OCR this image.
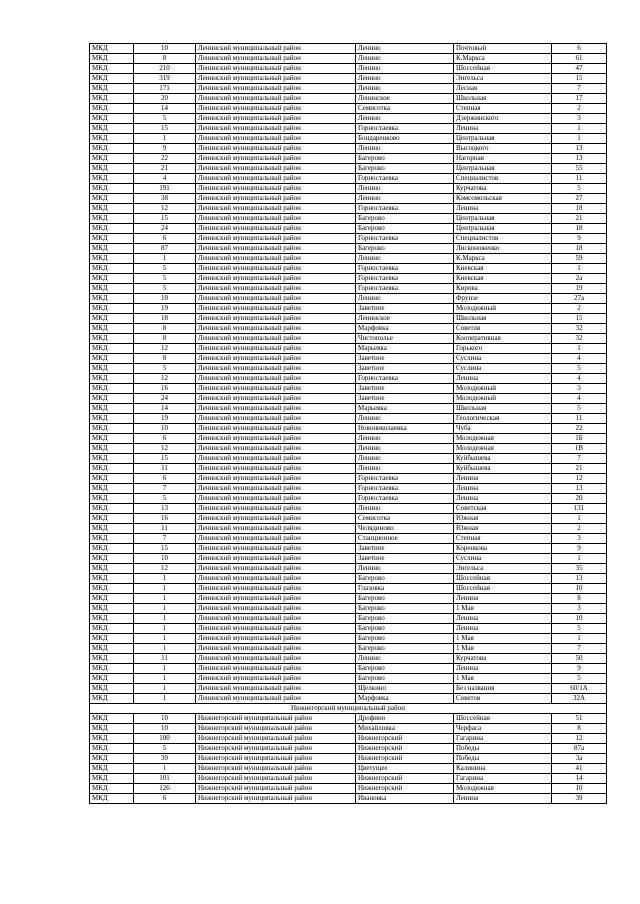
МКД	10	Ленинский муниципальный район	Ленино	Почтовый	6
МКД	8	Ленинский муниципальный район	Ленино	К.Маркса	61
МКД	210	Ленинский муниципальный район	Ленино	Шоссейная	47
МКД	319	Ленинский муниципальный район	Ленино	Энгельса	15
МКД	171	Ленинский муниципальный район	Ленино	Лесная	7
МКД	20	Ленинский муниципальный район	Ленинское	Школьная	17
МКД	14	Ленинский муниципальный район	Семисотка	Степная	2
МКД	5	Ленинский муниципальный район	Ленино	Дзержинского	3
МКД	15	Ленинский муниципальный район	Горностаевка	Ленина	1
МКД	1	Ленинский муниципальный район	Бондаренково	Центральная	1
МКД	9	Ленинский муниципальный район	Ленино	Высоцкого	13
МКД	22	Ленинский муниципальный район	Багерово	Нагорная	13
МКД	21	Ленинский муниципальный район	Багерово	Центральная	55
МКД	4	Ленинский муниципальный район	Горностаевка	Специалистов	11
МКД	191	Ленинский муниципальный район	Ленино	Курчатова	5
МКД	38	Ленинский муниципальный район	Ленино	Комсомольская	27
МКД	12	Ленинский муниципальный район	Горностаевка	Ленина	18
МКД	15	Ленинский муниципальный район	Багерово	Центральная	21
МКД	24	Ленинский муниципальный район	Багерово	Центральная	18
МКД	6	Ленинский муниципальный район	Горностаевка	Специалистов	9
МКД	87	Ленинский муниципальный район	Багерово	Лисконоженко	18
МКД	1	Ленинский муниципальный район	Ленино	К.Маркса	59
МКД	5	Ленинский муниципальный район	Горностаевка	Киевская	1
МКД	5	Ленинский муниципальный район	Горностаевка	Киевская	2а
МКД	5	Ленинский муниципальный район	Горностаевка	Кирова	19
МКД	10	Ленинский муниципальный район	Ленино	Фрунзе	27а
МКД	19	Ленинский муниципальный район	Заветное	Молодежный	2
МКД	18	Ленинский муниципальный район	Ленинское	Школьная	15
МКД	8	Ленинский муниципальный район	Марфовка	Советов	32
МКД	8	Ленинский муниципальный район	Чистополье	Кооперативная	32
МКД	12	Ленинский муниципальный район	Марьевка	Горького	1
МКД	8	Ленинский муниципальный район	Заветное	Суслина	4
МКД	5	Ленинский муниципальный район	Заветное	Суслина	5
МКД	12	Ленинский муниципальный район	Горностаевка	Ленина	4
МКД	16	Ленинский муниципальный район	Заветное	Молодежный	3
МКД	24	Ленинский муниципальный район	Заветное	Молодежный	4
МКД	14	Ленинский муниципальный район	Марьевка	Школьная	5
МКД	19	Ленинский муниципальный район	Ленино	Геологическая	11
МКД	10	Ленинский муниципальный район	Новониколаевка	Чуба	22
МКД	6	Ленинский муниципальный район	Ленино	Молодежная	1Б
МКД	12	Ленинский муниципальный район	Ленино	Молодежная	1В
МКД	15	Ленинский муниципальный район	Ленино	Куйбышева	7
МКД	11	Ленинский муниципальный район	Ленино	Куйбышева	21
МКД	6	Ленинский муниципальный район	Горностаевка	Ленина	12
МКД	7	Ленинский муниципальный район	Горностаевка	Ленина	13
МКД	5	Ленинский муниципальный район	Горностаевка	Ленина	20
МКД	13	Ленинский муниципальный район	Ленино	Советская	131
МКД	16	Ленинский муниципальный район	Семисотка	Южная	1
МКД	11	Ленинский муниципальный район	Челядиново	Южная	2
МКД	7	Ленинский муниципальный район	Станционное	Степная	3
МКД	15	Ленинский муниципальный район	Заветное	Коренкова	9
МКД	10	Ленинский муниципальный район	Заветное	Суслина	1
МКД	12	Ленинский муниципальный район	Ленино	Энгельса	35
МКД	1	Ленинский муниципальный район	Багерово	Шоссейная	13
МКД	1	Ленинский муниципальный район	Глазовка	Шоссейная	10
МКД	1	Ленинский муниципальный район	Багерово	Ленина	8
МКД	1	Ленинский муниципальный район	Багерово	1 Мая	3
МКД	1	Ленинский муниципальный район	Багерово	Ленина	10
МКД	1	Ленинский муниципальный район	Багерово	Ленина	5
МКД	1	Ленинский муниципальный район	Багерово	1 Мая	1
МКД	1	Ленинский муниципальный район	Багерово	1 Мая	7
МКД	11	Ленинский муниципальный район	Ленино	Курчатова	50
МКД	1	Ленинский муниципальный район	Багерово	Ленина	9
МКД	1	Ленинский муниципальный район	Багерово	1 Мая	5
МКД	1	Ленинский муниципальный район	Щелкино	Без названия	60/1А
МКД	1	Ленинский муниципальный район	Марфовка	Советов	32А
Нижнегорский муниципальный район					
МКД	10	Нижнегорский муниципальный район	Дрофино	Шоссейная	51
МКД	10	Нижнегорский муниципальный район	Михайловка	Черфаса	8
МКД	100	Нижнегорский муниципальный район	Нижнегорский	Гагарина	12
МКД	5	Нижнегорский муниципальный район	Нижнегорский	Победы	87а
МКД	39	Нижнегорский муниципальный район	Нижнегорский	Победы	3а
МКД	1	Нижнегорский муниципальный район	Цветущее	Калинина	41
МКД	101	Нижнегорский муниципальный район	Нижнегорский	Гагарина	14
МКД	126	Нижнегорский муниципальный район	Нижнегорский	Молодежная	10
МКД	6	Нижнегорский муниципальный район	Ивановка	Ленина	39
